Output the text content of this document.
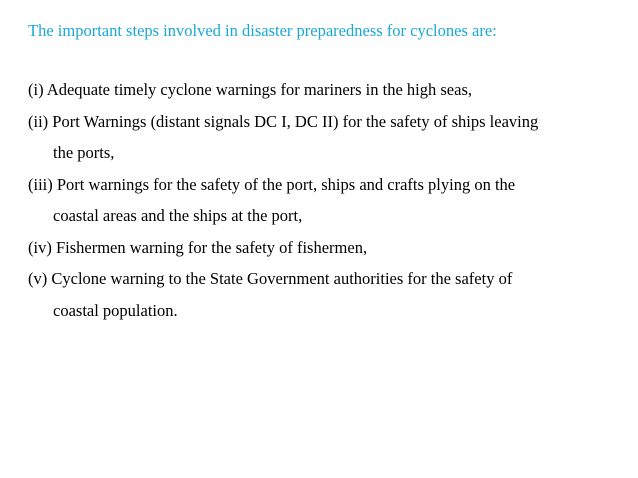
The important steps involved in disaster preparedness for cyclones are:
(i) Adequate timely cyclone warnings for mariners in the high seas,
(ii) Port Warnings (distant signals DC I, DC II) for the safety of ships leaving
the ports,
(iii) Port warnings for the safety of the port, ships and crafts plying on the
coastal areas and the ships at the port,
(iv) Fishermen warning for the safety of fishermen,
(v) Cyclone warning to the State Government authorities for the safety of
coastal population.
